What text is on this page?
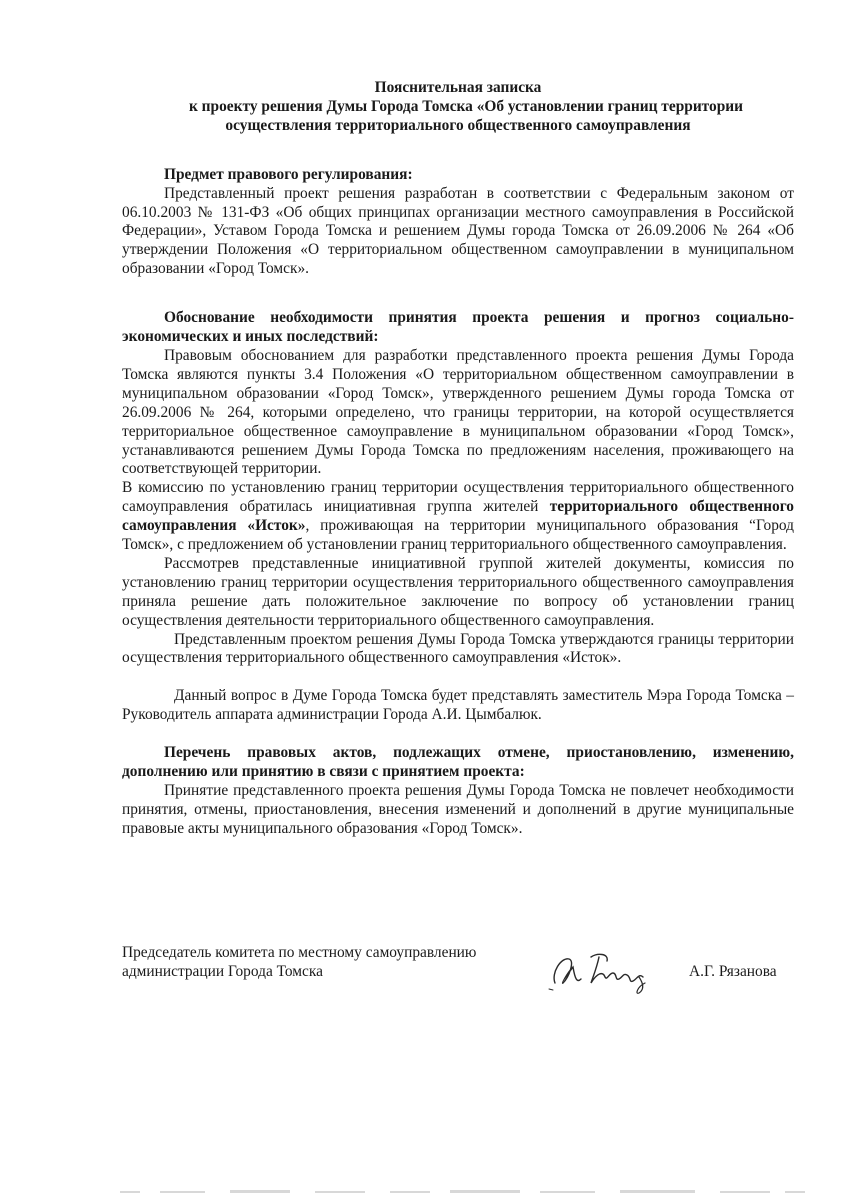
Пояснительная записка
к проекту решения Думы Города Томска «Об установлении границ территории
осуществления территориального общественного самоуправления

Предмет правового регулирования:

Представленный проект решения разработан в соответствии с Федеральным законом от 06.10.2003 № 131-ФЗ «Об общих принципах организации местного самоуправления в Российской Федерации», Уставом Города Томска и решением Думы города Томска от 26.09.2006 № 264 «Об утверждении Положения «О территориальном общественном самоуправлении в муниципальном образовании «Город Томск».

Обоснование необходимости принятия проекта решения и прогноз социально-экономических и иных последствий:

Правовым обоснованием для разработки представленного проекта решения Думы Города Томска являются пункты 3.4 Положения «О территориальном общественном самоуправлении в муниципальном образовании «Город Томск», утвержденного решением Думы города Томска от 26.09.2006 № 264, которыми определено, что границы территории, на которой осуществляется территориальное общественное самоуправление в муниципальном образовании «Город Томск», устанавливаются решением Думы Города Томска по предложениям населения, проживающего на соответствующей территории.

В комиссию по установлению границ территории осуществления территориального общественного самоуправления обратилась инициативная группа жителей территориального общественного самоуправления «Исток», проживающая на территории муниципального образования “Город Томск», с предложением об установлении границ территориального общественного самоуправления.

Рассмотрев представленные инициативной группой жителей документы, комиссия по установлению границ территории осуществления территориального общественного самоуправления приняла решение дать положительное заключение по вопросу об установлении границ осуществления деятельности территориального общественного самоуправления.

Представленным проектом решения Думы Города Томска утверждаются границы территории осуществления территориального общественного самоуправления «Исток».

Данный вопрос в Думе Города Томска будет представлять заместитель Мэра Города Томска – Руководитель аппарата администрации Города А.И. Цымбалюк.

Перечень правовых актов, подлежащих отмене, приостановлению, изменению, дополнению или принятию в связи с принятием проекта:

Принятие представленного проекта решения Думы Города Томска не повлечет необходимости принятия, отмены, приостановления, внесения изменений и дополнений в другие муниципальные правовые акты муниципального образования «Город Томск».

Председатель комитета по местному самоуправлению
администрации Города Томска	А.Г. Рязанова
